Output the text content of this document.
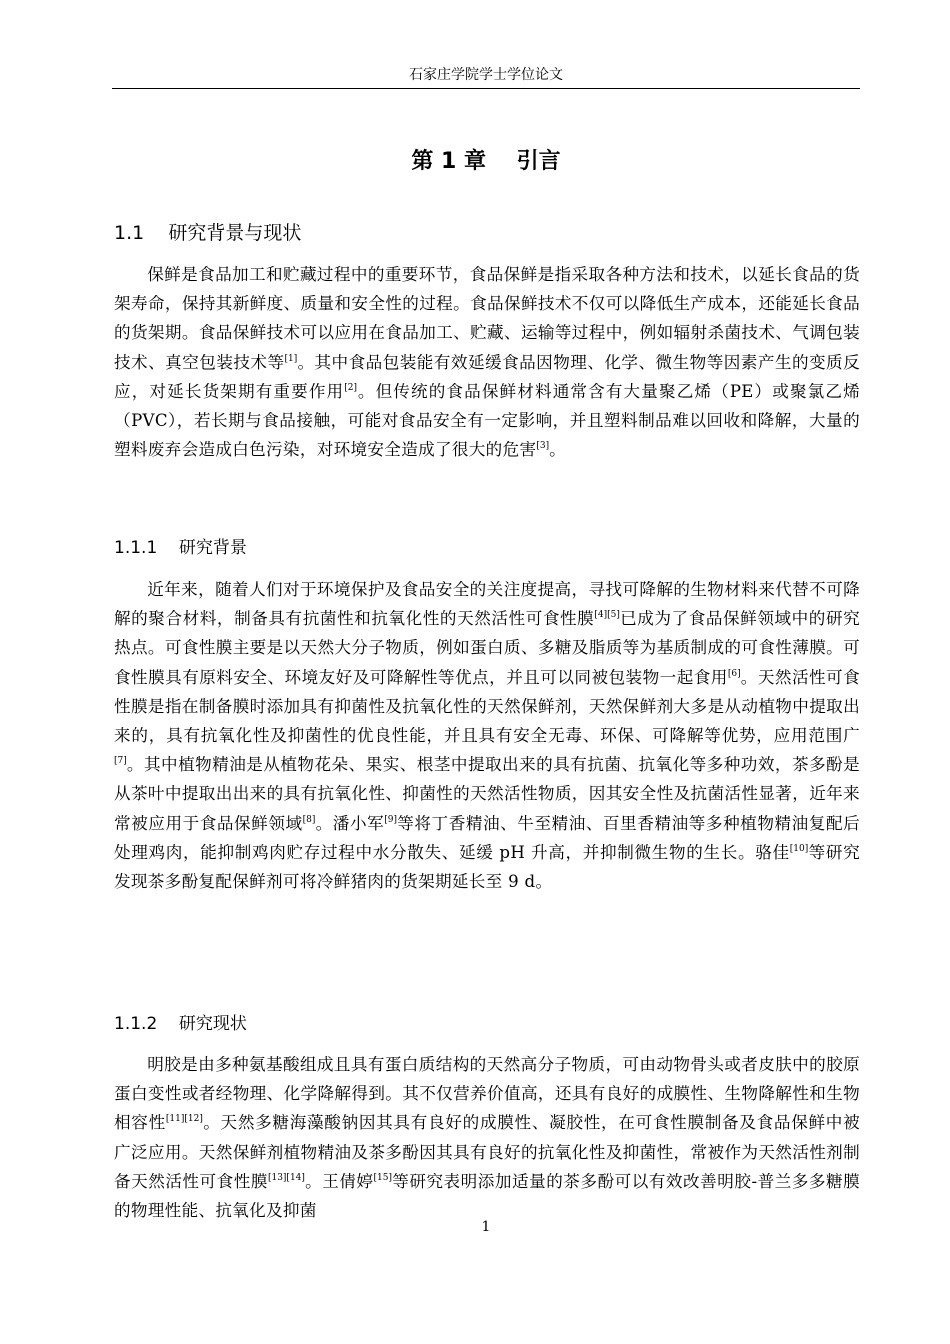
石家庄学院学士学位论文
第 1 章    引言
1.1    研究背景与现状
保鲜是食品加工和贮藏过程中的重要环节，食品保鲜是指采取各种方法和技术，以延长食品的货架寿命，保持其新鲜度、质量和安全性的过程。食品保鲜技术不仅可以降低生产成本，还能延长食品的货架期。食品保鲜技术可以应用在食品加工、贮藏、运输等过程中，例如辐射杀菌技术、气调包装技术、真空包装技术等[1]。其中食品包装能有效延缓食品因物理、化学、微生物等因素产生的变质反应，对延长货架期有重要作用[2]。但传统的食品保鲜材料通常含有大量聚乙烯（PE）或聚氯乙烯（PVC），若长期与食品接触，可能对食品安全有一定影响，并且塑料制品难以回收和降解，大量的塑料废弃会造成白色污染，对环境安全造成了很大的危害[3]。
1.1.1    研究背景
近年来，随着人们对于环境保护及食品安全的关注度提高，寻找可降解的生物材料来代替不可降解的聚合材料，制备具有抗菌性和抗氧化性的天然活性可食性膜[4][5]已成为了食品保鲜领域中的研究热点。可食性膜主要是以天然大分子物质，例如蛋白质、多糖及脂质等为基质制成的可食性薄膜。可食性膜具有原料安全、环境友好及可降解性等优点，并且可以同被包装物一起食用[6]。天然活性可食性膜是指在制备膜时添加具有抑菌性及抗氧化性的天然保鲜剂，天然保鲜剂大多是从动植物中提取出来的，具有抗氧化性及抑菌性的优良性能，并且具有安全无毒、环保、可降解等优势，应用范围广[7]。其中植物精油是从植物花朵、果实、根茎中提取出来的具有抗菌、抗氧化等多种功效，茶多酚是从茶叶中提取出出来的具有抗氧化性、抑菌性的天然活性物质，因其安全性及抗菌活性显著，近年来常被应用于食品保鲜领域[8]。潘小军[9]等将丁香精油、牛至精油、百里香精油等多种植物精油复配后处理鸡肉，能抑制鸡肉贮存过程中水分散失、延缓 pH 升高，并抑制微生物的生长。骆佳[10]等研究发现茶多酚复配保鲜剂可将冷鲜猪肉的货架期延长至 9 d。
1.1.2    研究现状
明胶是由多种氨基酸组成且具有蛋白质结构的天然高分子物质，可由动物骨头或者皮肤中的胶原蛋白变性或者经物理、化学降解得到。其不仅营养价值高，还具有良好的成膜性、生物降解性和生物相容性[11][12]。天然多糖海藻酸钠因其具有良好的成膜性、凝胶性，在可食性膜制备及食品保鲜中被广泛应用。天然保鲜剂植物精油及茶多酚因其具有良好的抗氧化性及抑菌性，常被作为天然活性剂制备天然活性可食性膜[13][14]。王倩婷[15]等研究表明添加适量的茶多酚可以有效改善明胶-普兰多多糖膜的物理性能、抗氧化及抑菌
1
